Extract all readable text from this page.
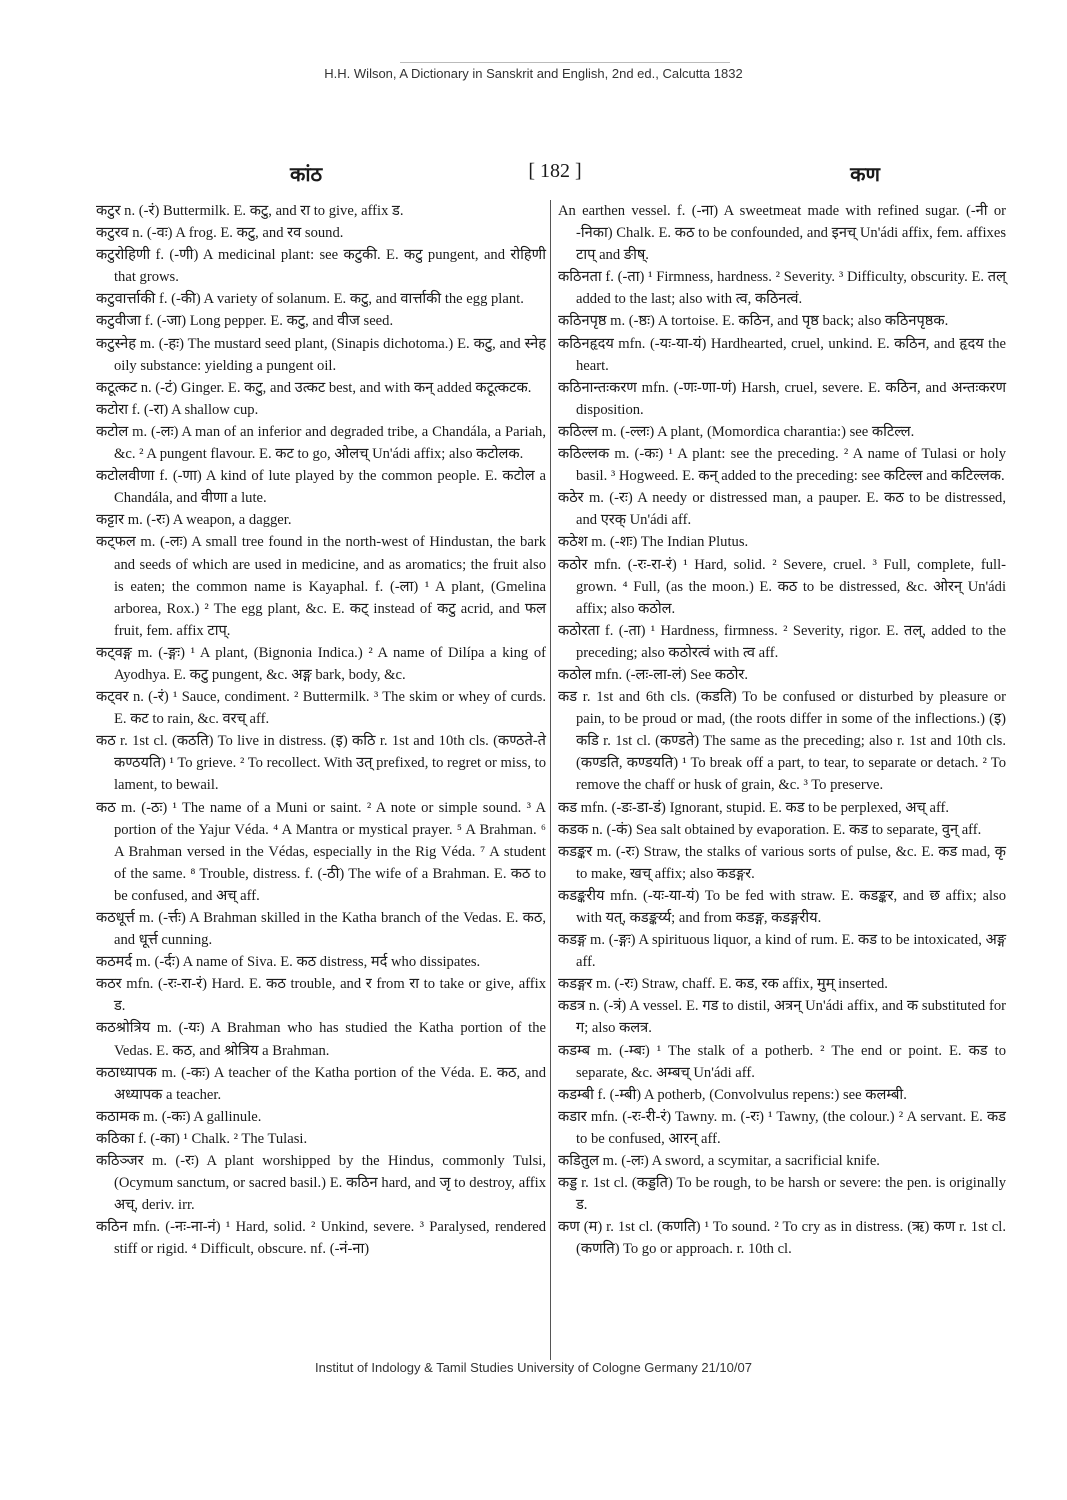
H.H. Wilson, A Dictionary in Sanskrit and English, 2nd ed., Calcutta 1832
कांठ	[ 182 ]	कण

कटुर n. (-रं) Buttermilk. E. कटु, and रा to give, affix ड.

कटुरव n. (-वः) A frog. E. कटु, and रव sound.

कटुरोहिणी f. (-णी) A medicinal plant: see कटुकी. E. कटु pungent, and रोहिणी that grows.

कटुवार्त्ताकी f. (-की) A variety of solanum. E. कटु, and वार्त्ताकी the egg plant.

कटुवीजा f. (-जा) Long pepper. E. कटु, and वीज seed.

कटुस्नेह m. (-हः) The mustard seed plant, (Sinapis dichotoma.) E. कटु, and स्नेह oily substance: yielding a pungent oil.

कटूत्कट n. (-टं) Ginger. E. कटु, and उत्कट best, and with कन् added कटूत्कटक.

कटोरा f. (-रा) A shallow cup.

कटोल m. (-लः) A man of an inferior and degraded tribe, a Chandála, a Pariah, &c. ² A pungent flavour. E. कट to go, ओलच् Un'ádi affix; also कटोलक.

कटोलवीणा f. (-णा) A kind of lute played by the common people. E. कटोल a Chandála, and वीणा a lute.

कट्टार m. (-रः) A weapon, a dagger.

कट्फल m. (-लः) A small tree found in the north-west of Hindustan, the bark and seeds of which are used in medicine, and as aromatics; the fruit also is eaten; the common name is Kayaphal. f. (-ला) ¹ A plant, (Gmelina arborea, Rox.) ² The egg plant, &c. E. कट् instead of कटु acrid, and फल fruit, fem. affix टाप्.

कट्वङ्ग m. (-ङ्गः) ¹ A plant, (Bignonia Indica.) ² A name of Dilípa a king of Ayodhya. E. कटु pungent, &c. अङ्ग bark, body, &c.

कट्वर n. (-रं) ¹ Sauce, condiment. ² Buttermilk. ³ The skim or whey of curds. E. कट to rain, &c. वरच् aff.

कठ r. 1st cl. (कठति) To live in distress. (इ) कठि r. 1st and 10th cls. (कण्ठते-ते कण्ठयति) ¹ To grieve. ² To recollect. With उत् prefixed, to regret or miss, to lament, to bewail.

कठ m. (-ठः) ¹ The name of a Muni or saint. ² A note or simple sound. ³ A portion of the Yajur Véda. ⁴ A Mantra or mystical prayer. ⁵ A Brahman. ⁶ A Brahman versed in the Védas, especially in the Rig Véda. ⁷ A student of the same. ⁸ Trouble, distress. f. (-ठी) The wife of a Brahman. E. कठ to be confused, and अच् aff.

कठधूर्त्त m. (-र्त्तः) A Brahman skilled in the Katha branch of the Vedas. E. कठ, and धूर्त्त cunning.

कठमर्द m. (-र्दः) A name of Siva. E. कठ distress, मर्द who dissipates.

कठर mfn. (-रः-रा-रं) Hard. E. कठ trouble, and र from रा to take or give, affix ड.

कठश्रोत्रिय m. (-यः) A Brahman who has studied the Katha portion of the Vedas. E. कठ, and श्रोत्रिय a Brahman.

कठाध्यापक m. (-कः) A teacher of the Katha portion of the Véda. E. कठ, and अध्यापक a teacher.

कठामक m. (-कः) A gallinule.

कठिका f. (-का) ¹ Chalk. ² The Tulasi.

कठिञ्जर m. (-रः) A plant worshipped by the Hindus, commonly Tulsi, (Ocymum sanctum, or sacred basil.) E. कठिन hard, and जृ to destroy, affix अच्, deriv. irr.

कठिन mfn. (-नः-ना-नं) ¹ Hard, solid. ² Unkind, severe. ³ Paralysed, rendered stiff or rigid. ⁴ Difficult, obscure. nf. (-नं-ना)

An earthen vessel. f. (-ना) A sweetmeat made with refined sugar. (-नी or -निका) Chalk. E. कठ to be confounded, and इनच् Un'ádi affix, fem. affixes टाप् and ङीष्.

कठिनता f. (-ता) ¹ Firmness, hardness. ² Severity. ³ Difficulty, obscurity. E. तल् added to the last; also with त्व, कठिनत्वं.

कठिनपृष्ठ m. (-ष्ठः) A tortoise. E. कठिन, and पृष्ठ back; also कठिनपृष्ठक.

कठिनहृदय mfn. (-यः-या-यं) Hardhearted, cruel, unkind. E. कठिन, and हृदय the heart.

कठिनान्तःकरण mfn. (-णः-णा-णं) Harsh, cruel, severe. E. कठिन, and अन्तःकरण disposition.

कठिल्ल m. (-ल्लः) A plant, (Momordica charantia:) see कटिल्ल.

कठिल्लक m. (-कः) ¹ A plant: see the preceding. ² A name of Tulasi or holy basil. ³ Hogweed. E. कन् added to the preceding: see कटिल्ल and कटिल्लक.

कठेर m. (-रः) A needy or distressed man, a pauper. E. कठ to be distressed, and एरक् Un'ádi aff.

कठेश m. (-शः) The Indian Plutus.

कठोर mfn. (-रः-रा-रं) ¹ Hard, solid. ² Severe, cruel. ³ Full, complete, full-grown. ⁴ Full, (as the moon.) E. कठ to be distressed, &c. ओरन् Un'ádi affix; also कठोल.

कठोरता f. (-ता) ¹ Hardness, firmness. ² Severity, rigor. E. तल्, added to the preceding; also कठोरत्वं with त्व aff.

कठोल mfn. (-लः-ला-लं) See कठोर.

कड r. 1st and 6th cls. (कडति) To be confused or disturbed by pleasure or pain, to be proud or mad, (the roots differ in some of the inflections.) (इ) कडि r. 1st cl. (कण्डते) The same as the preceding; also r. 1st and 10th cls. (कण्डति, कण्डयति) ¹ To break off a part, to tear, to separate or detach. ² To remove the chaff or husk of grain, &c. ³ To preserve.

कड mfn. (-डः-डा-डं) Ignorant, stupid. E. कड to be perplexed, अच् aff.

कडक n. (-कं) Sea salt obtained by evaporation. E. कड to separate, वुन् aff.

कडङ्कर m. (-रः) Straw, the stalks of various sorts of pulse, &c. E. कड mad, कृ to make, खच् affix; also कडङ्गर.

कडङ्करीय mfn. (-यः-या-यं) To be fed with straw. E. कडङ्कर, and छ affix; also with यत्, कडङ्कर्य्य; and from कडङ्ग, कडङ्गरीय.

कडङ्ग m. (-ङ्गः) A spirituous liquor, a kind of rum. E. कड to be intoxicated, अङ्ग aff.

कडङ्गर m. (-रः) Straw, chaff. E. कड, रक affix, मुम् inserted.

कडत्र n. (-त्रं) A vessel. E. गड to distil, अत्रन् Un'ádi affix, and क substituted for ग; also कलत्र.

कडम्ब m. (-म्बः) ¹ The stalk of a potherb. ² The end or point. E. कड to separate, &c. अम्बच् Un'ádi aff.

कडम्बी f. (-म्बी) A potherb, (Convolvulus repens:) see कलम्बी.

कडार mfn. (-रः-री-रं) Tawny. m. (-रः) ¹ Tawny, (the colour.) ² A servant. E. कड to be confused, आरन् aff.

कडितुल m. (-लः) A sword, a scymitar, a sacrificial knife.

कड्ड r. 1st cl. (कड्डति) To be rough, to be harsh or severe: the pen. is originally ड.

कण (म) r. 1st cl. (कणति) ¹ To sound. ² To cry as in distress. (ऋ) कण r. 1st cl. (कणति) To go or approach. r. 10th cl.

Institut of Indology & Tamil Studies University of Cologne Germany 21/10/07
